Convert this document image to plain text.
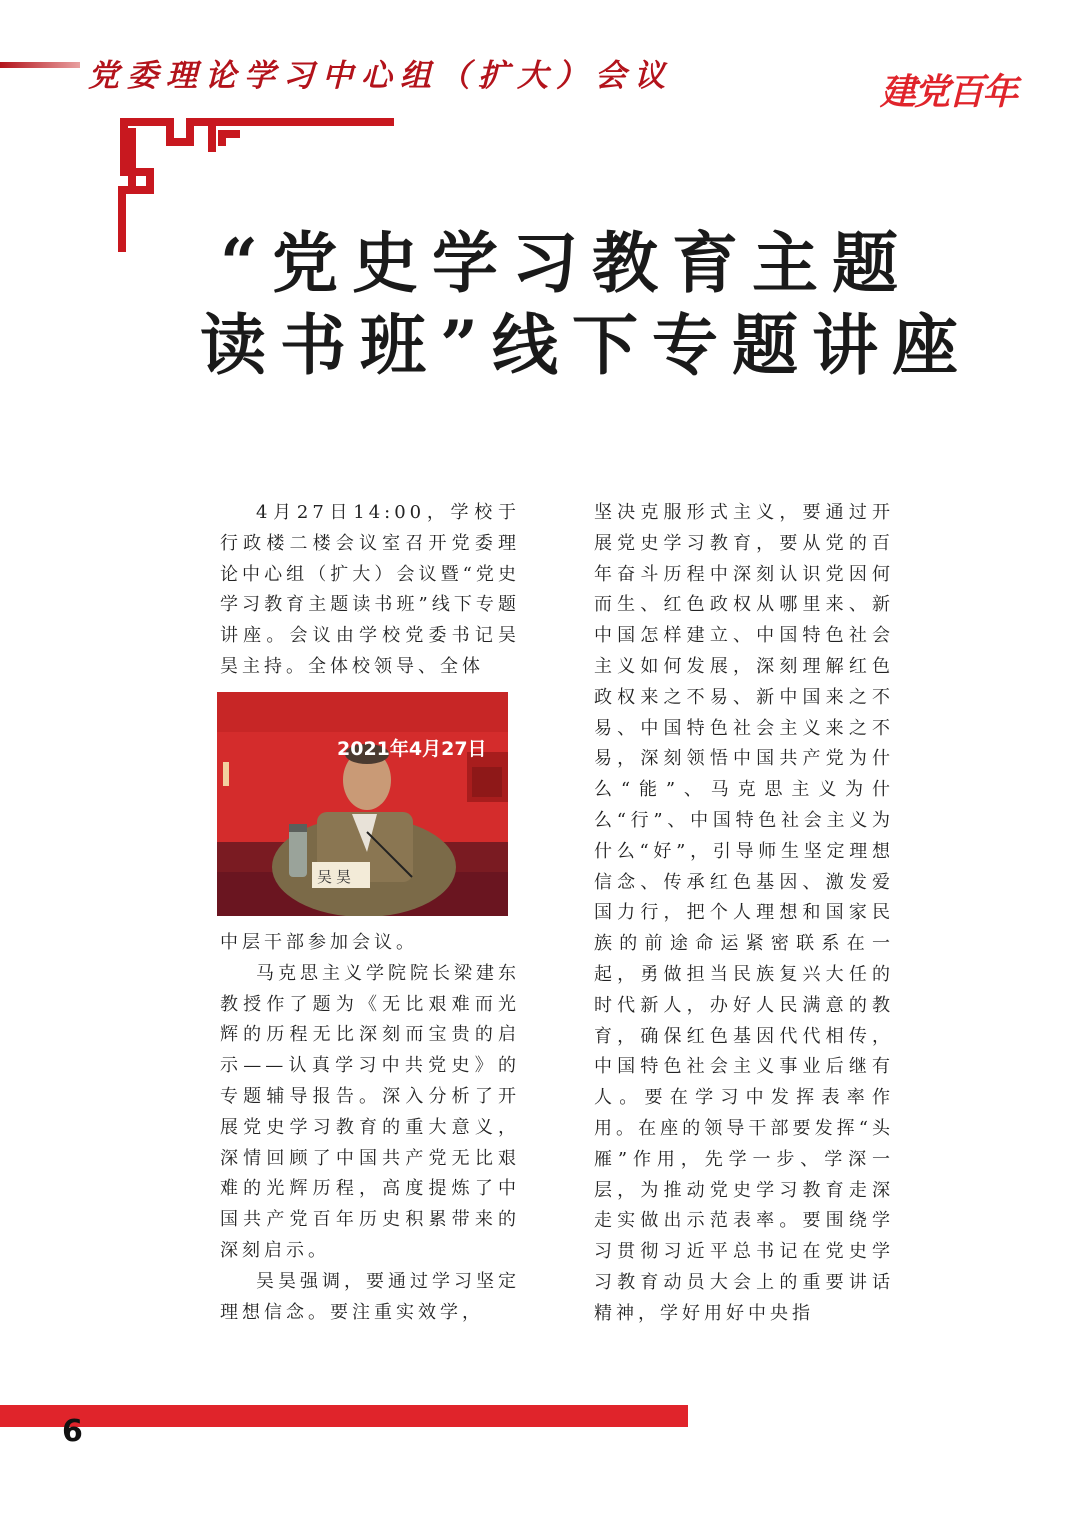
党委理论学习中心组（扩大）会议	建党百年
“党史学习教育主题
读书班”线下专题讲座

4月27日14:00，学校于行政楼二楼会议室召开党委理论中心组（扩大）会议暨“党史学习教育主题读书班”线下专题讲座。会议由学校党委书记吴昊主持。全体校领导、全体

2021年4月27日
吴昊

中层干部参加会议。

马克思主义学院院长梁建东教授作了题为《无比艰难而光辉的历程无比深刻而宝贵的启示——认真学习中共党史》的专题辅导报告。深入分析了开展党史学习教育的重大意义，深情回顾了中国共产党无比艰难的光辉历程，高度提炼了中国共产党百年历史积累带来的深刻启示。

吴昊强调，要通过学习坚定理想信念。要注重实效学，

坚决克服形式主义，要通过开展党史学习教育，要从党的百年奋斗历程中深刻认识党因何而生、红色政权从哪里来、新中国怎样建立、中国特色社会主义如何发展，深刻理解红色政权来之不易、新中国来之不易、中国特色社会主义来之不易，深刻领悟中国共产党为什么“能”、马克思主义为什么“行”、中国特色社会主义为什么“好”，引导师生坚定理想信念、传承红色基因、激发爱国力行，把个人理想和国家民族的前途命运紧密联系在一起，勇做担当民族复兴大任的时代新人，办好人民满意的教育，确保红色基因代代相传，中国特色社会主义事业后继有人。要在学习中发挥表率作用。在座的领导干部要发挥“头雁”作用，先学一步、学深一层，为推动党史学习教育走深走实做出示范表率。要围绕学习贯彻习近平总书记在党史学习教育动员大会上的重要讲话精神，学好用好中央指

6
